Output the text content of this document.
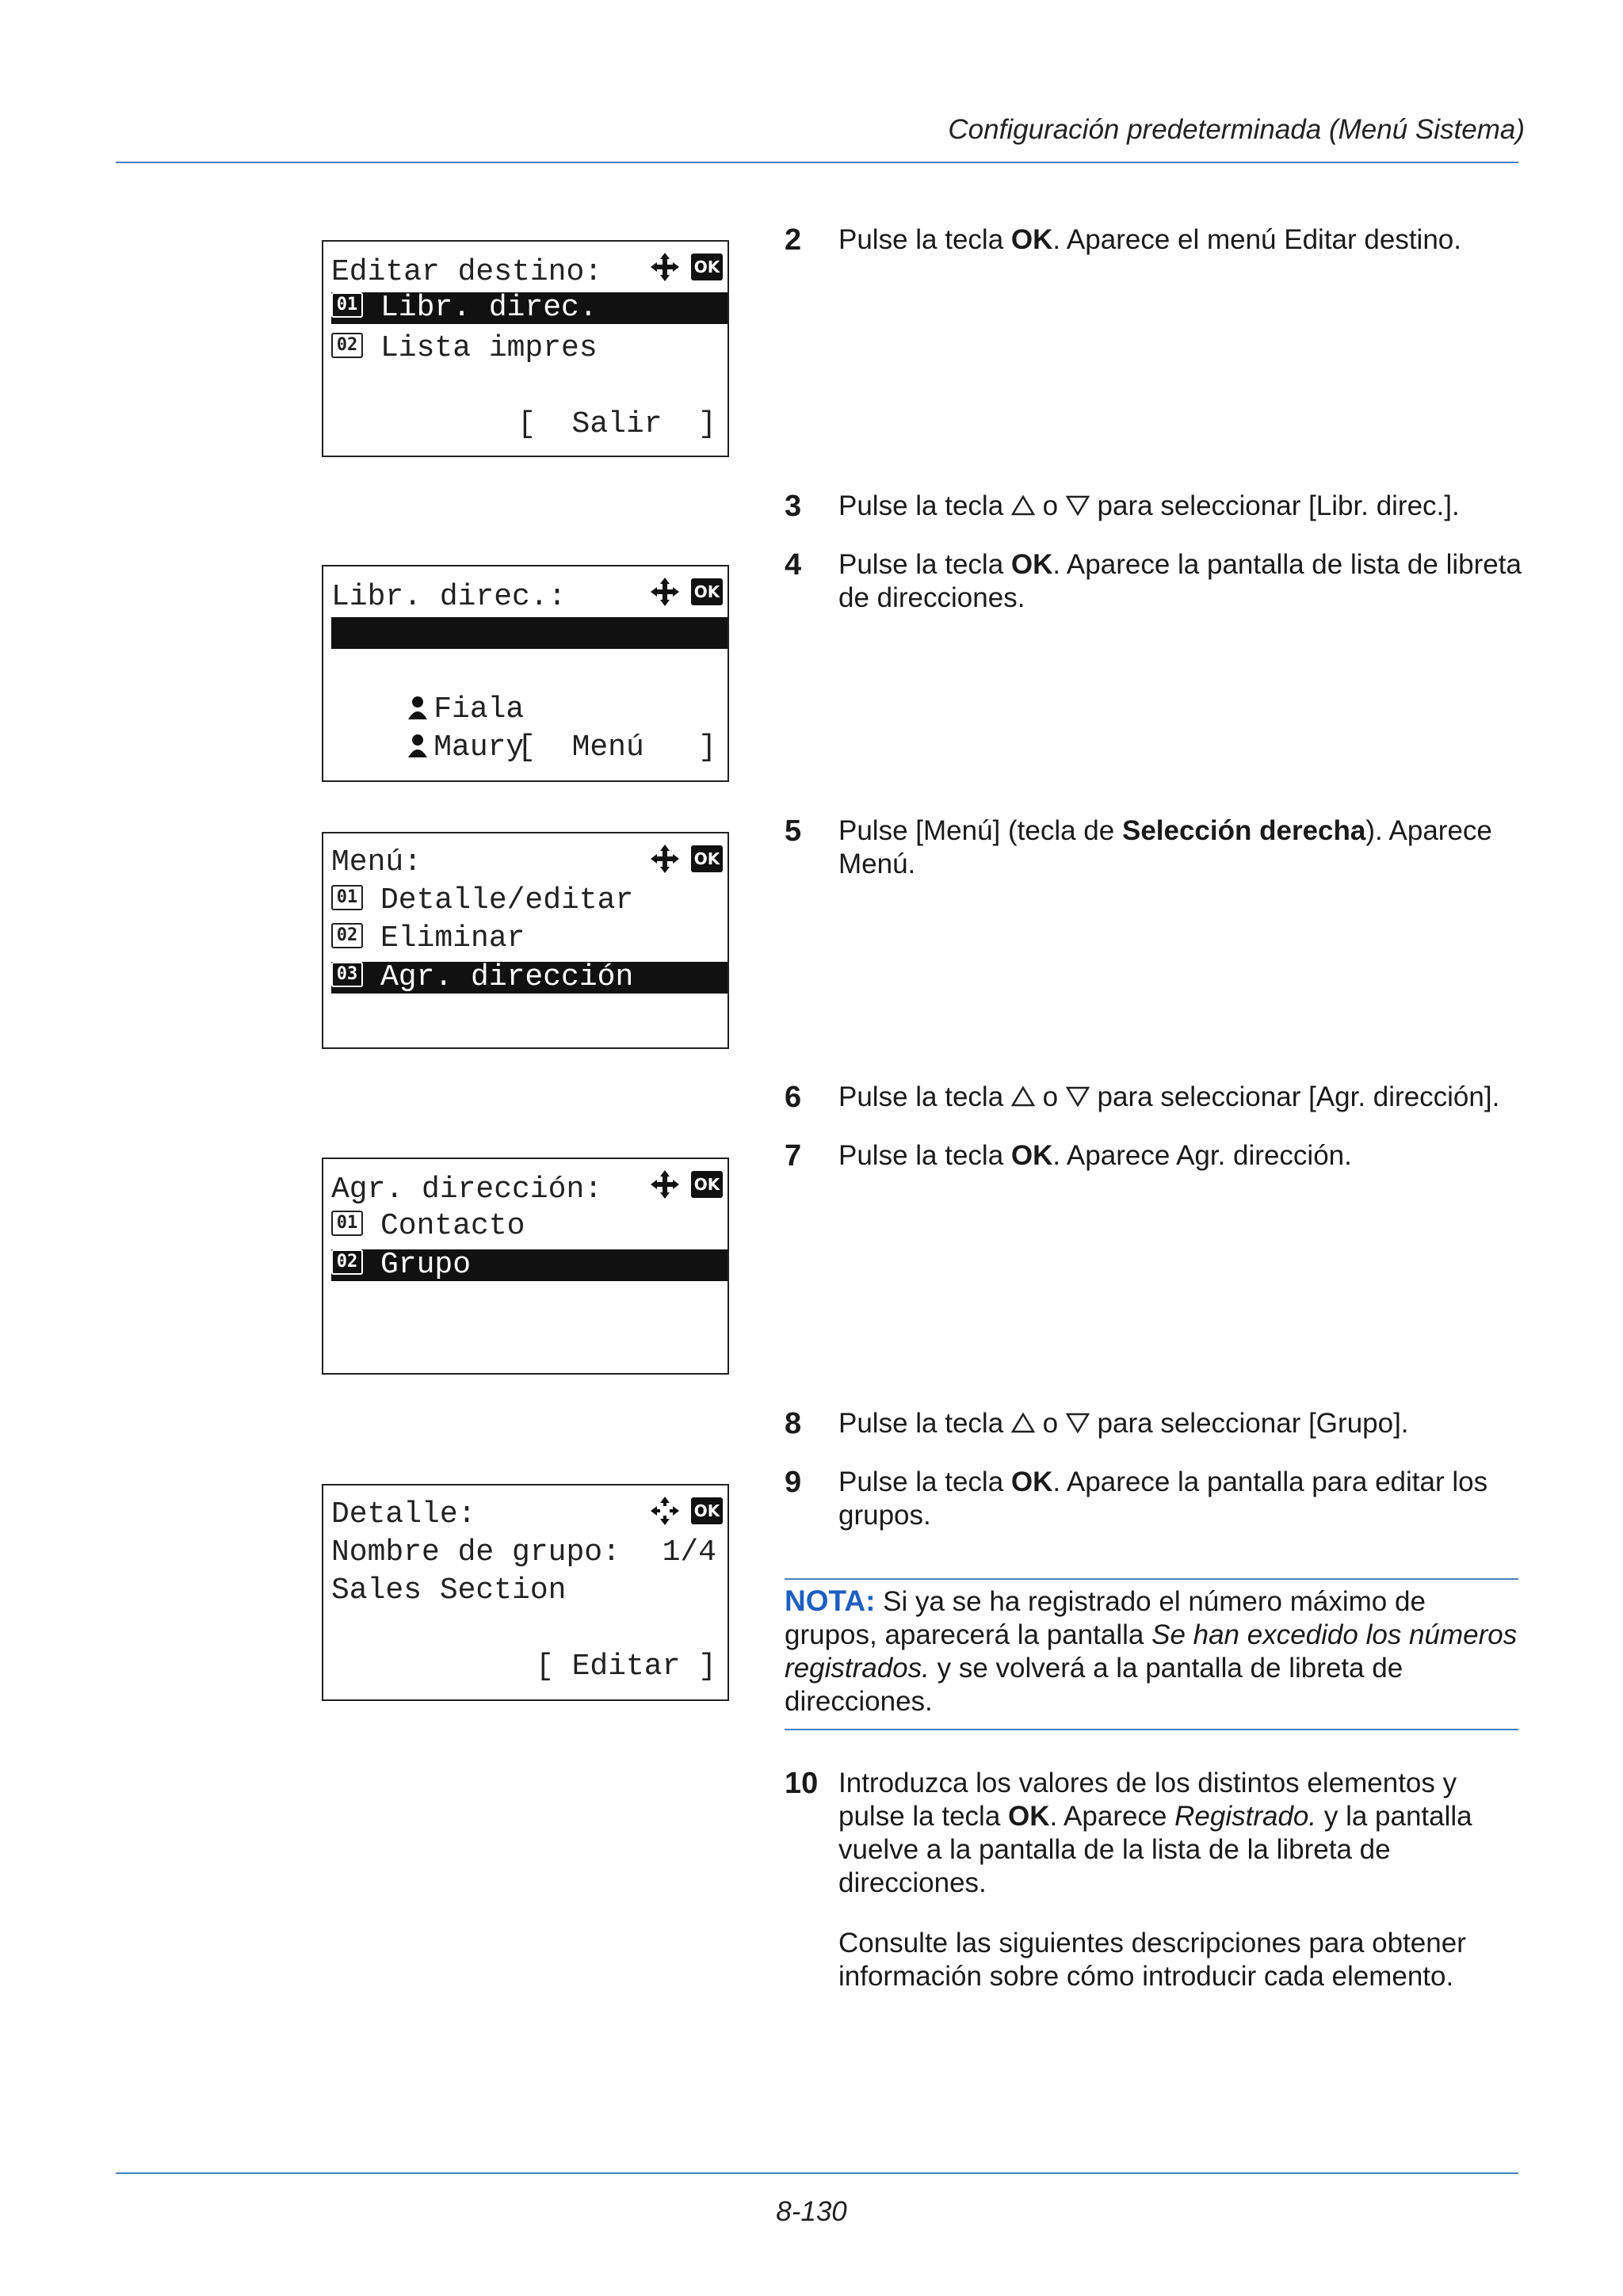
Configuración predeterminada (Menú Sistema)
8-130
Editar destino:	OK
01 Libr. direc.
02 Lista impres
[  Salir  ]
Libr. direc.:	OK

Design

Fiala

Maury

[  Menú   ]
Menú:	OK
01 Detalle/editar
02 Eliminar
03 Agr. dirección
Agr. dirección:	OK
01 Contacto
02 Grupo
Detalle:	OK
Nombre de grupo:	1/4
Sales Section
[ Editar ]
2 Pulse la tecla OK. Aparece el menú Editar destino.
3 Pulse la tecla  o  para seleccionar [Libr. direc.].
4 Pulse la tecla OK. Aparece la pantalla de lista de libreta de direcciones.
5 Pulse [Menú] (tecla de Selección derecha). Aparece Menú.
6 Pulse la tecla  o  para seleccionar [Agr. dirección].
7 Pulse la tecla OK. Aparece Agr. dirección.
8 Pulse la tecla  o  para seleccionar [Grupo].
9 Pulse la tecla OK. Aparece la pantalla para editar los grupos.
NOTA: Si ya se ha registrado el número máximo de grupos, aparecerá la pantalla Se han excedido los números registrados. y se volverá a la pantalla de libreta de direcciones.
10 Introduzca los valores de los distintos elementos y pulse la tecla OK. Aparece Registrado. y la pantalla vuelve a la pantalla de la lista de la libreta de direcciones.
Consulte las siguientes descripciones para obtener información sobre cómo introducir cada elemento.
